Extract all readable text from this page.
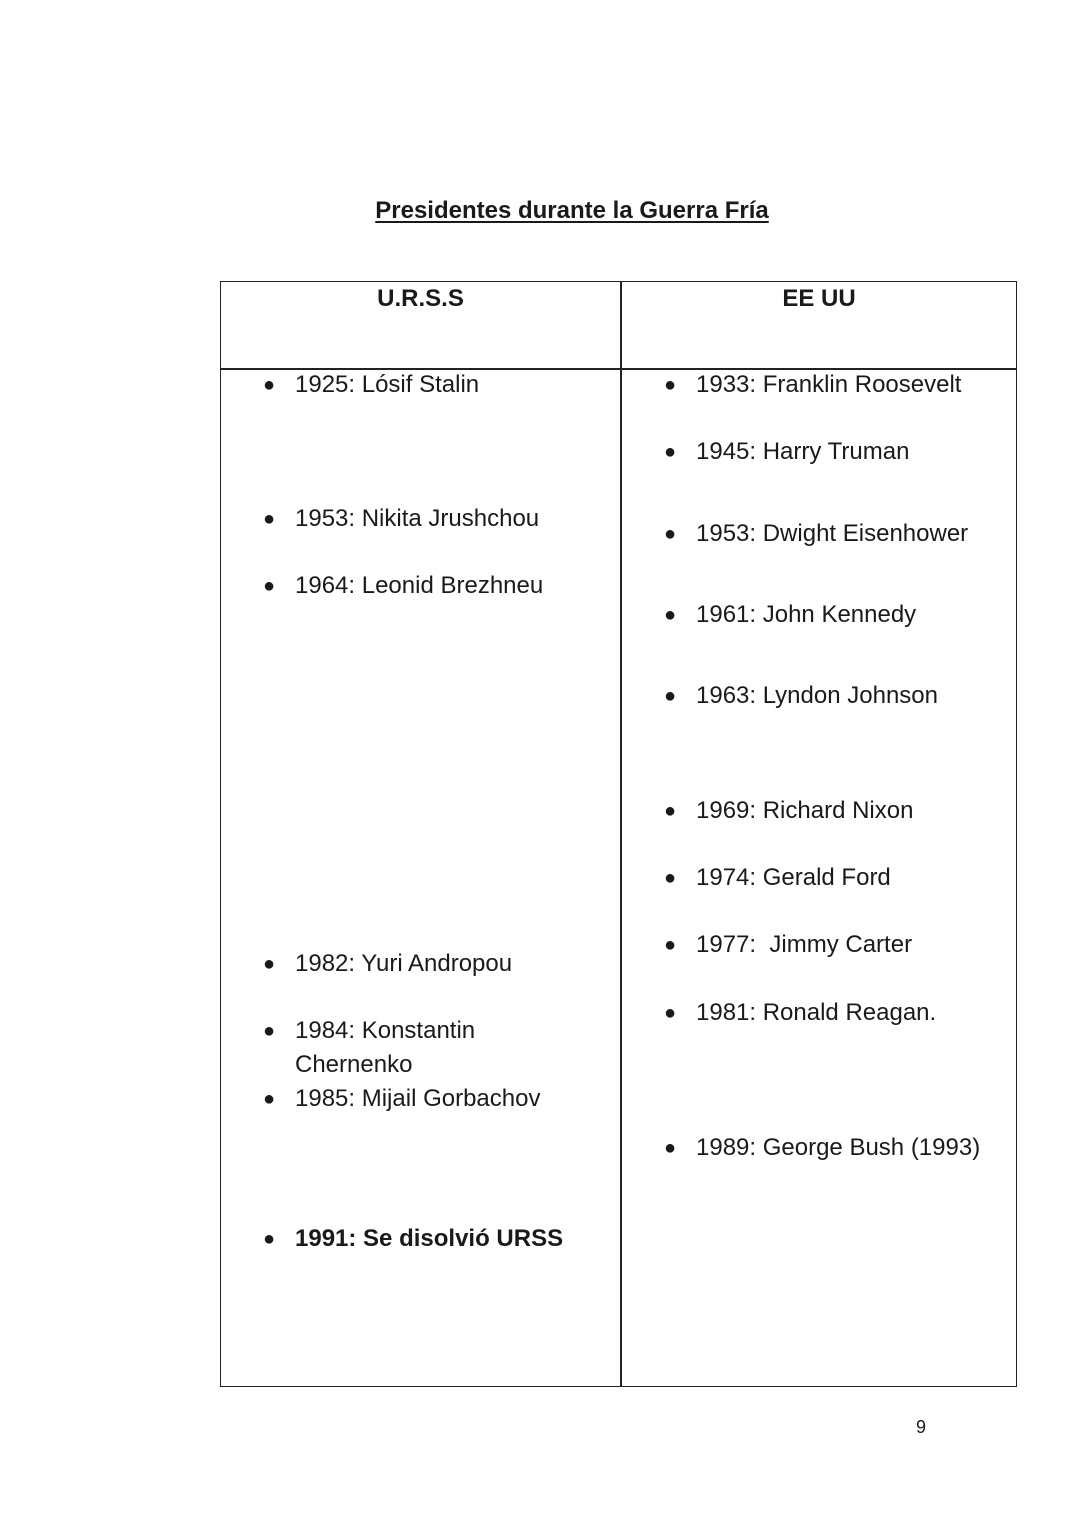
Presidentes durante la Guerra Fría
U.R.S.S	EE UU
● 1925: Lósif Stalin
● 1953: Nikita Jrushchou
● 1964: Leonid Brezhneu
● 1982: Yuri Andropou
● 1984: Konstantin Chernenko
● 1985: Mijail Gorbachov
● 1991: Se disolvió URSS
● 1933: Franklin Roosevelt
● 1945: Harry Truman
● 1953: Dwight Eisenhower
● 1961: John Kennedy
● 1963: Lyndon Johnson
● 1969: Richard Nixon
● 1974: Gerald Ford
● 1977:  Jimmy Carter
● 1981: Ronald Reagan.
● 1989: George Bush (1993)
9
